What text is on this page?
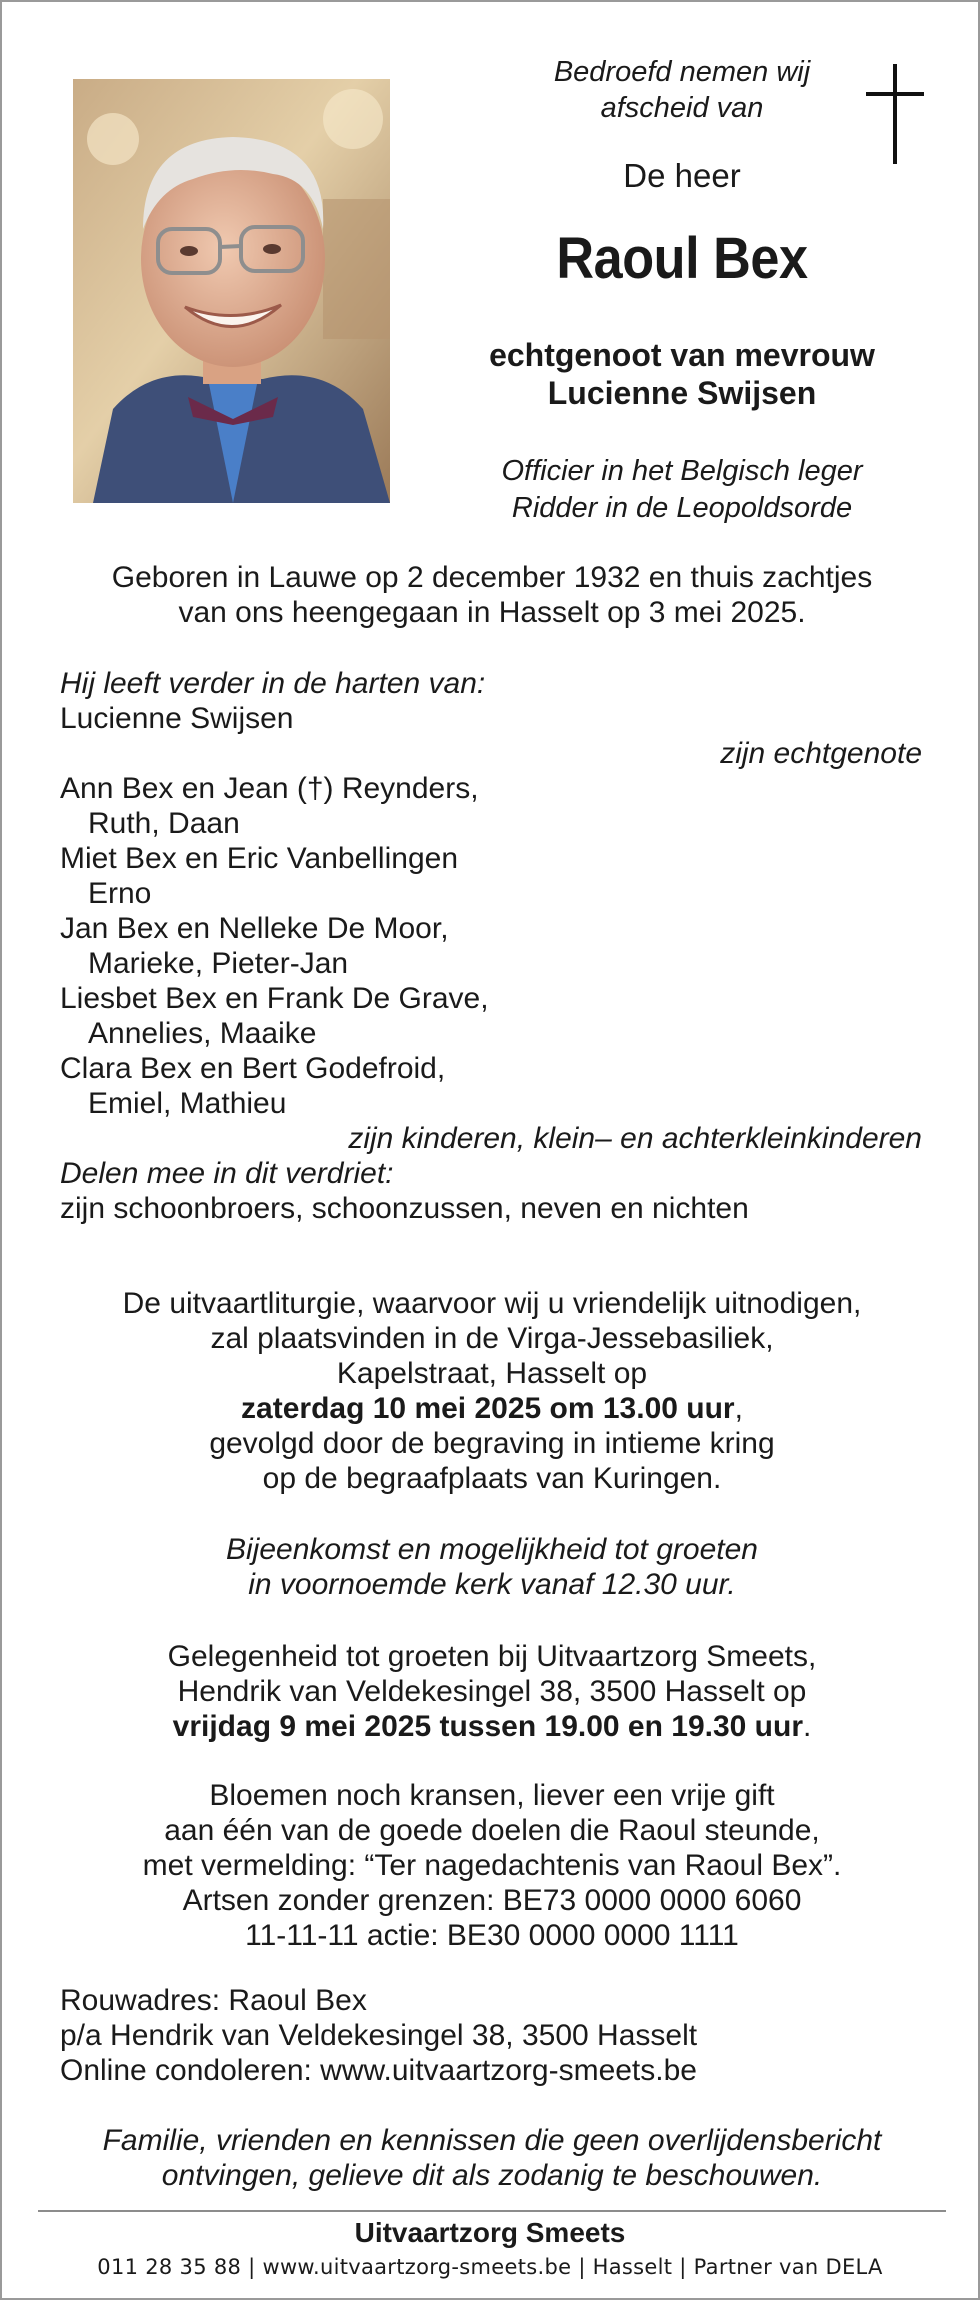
Bedroefd nemen wij
afscheid van
De heer
Raoul Bex
echtgenoot van mevrouw
Lucienne Swijsen
Officier in het Belgisch leger
Ridder in de Leopoldsorde
Geboren in Lauwe op 2 december 1932 en thuis zachtjes
van ons heengegaan in Hasselt op 3 mei 2025.
Hij leeft verder in de harten van:
Lucienne Swijsen
zijn echtgenote
Ann Bex en Jean (†) Reynders,
Ruth, Daan
Miet Bex en Eric Vanbellingen
Erno
Jan Bex en Nelleke De Moor,
Marieke, Pieter-Jan
Liesbet Bex en Frank De Grave,
Annelies, Maaike
Clara Bex en Bert Godefroid,
Emiel, Mathieu
zijn kinderen, klein– en achterkleinkinderen
Delen mee in dit verdriet:
zijn schoonbroers, schoonzussen, neven en nichten
De uitvaartliturgie, waarvoor wij u vriendelijk uitnodigen,
zal plaatsvinden in de Virga-Jessebasiliek,
Kapelstraat, Hasselt op
zaterdag 10 mei 2025 om 13.00 uur,
gevolgd door de begraving in intieme kring
op de begraafplaats van Kuringen.
Bijeenkomst en mogelijkheid tot groeten
in voornoemde kerk vanaf 12.30 uur.
Gelegenheid tot groeten bij Uitvaartzorg Smeets,
Hendrik van Veldekesingel 38, 3500 Hasselt op
vrijdag 9 mei 2025 tussen 19.00 en 19.30 uur.
Bloemen noch kransen, liever een vrije gift
aan één van de goede doelen die Raoul steunde,
met vermelding: “Ter nagedachtenis van Raoul Bex”.
Artsen zonder grenzen: BE73 0000 0000 6060
11-11-11 actie: BE30 0000 0000 1111
Rouwadres: Raoul Bex
p/a Hendrik van Veldekesingel 38, 3500 Hasselt
Online condoleren: www.uitvaartzorg-smeets.be
Familie, vrienden en kennissen die geen overlijdensbericht
ontvingen, gelieve dit als zodanig te beschouwen.
Uitvaartzorg Smeets
011 28 35 88 | www.uitvaartzorg-smeets.be | Hasselt | Partner van DELA
